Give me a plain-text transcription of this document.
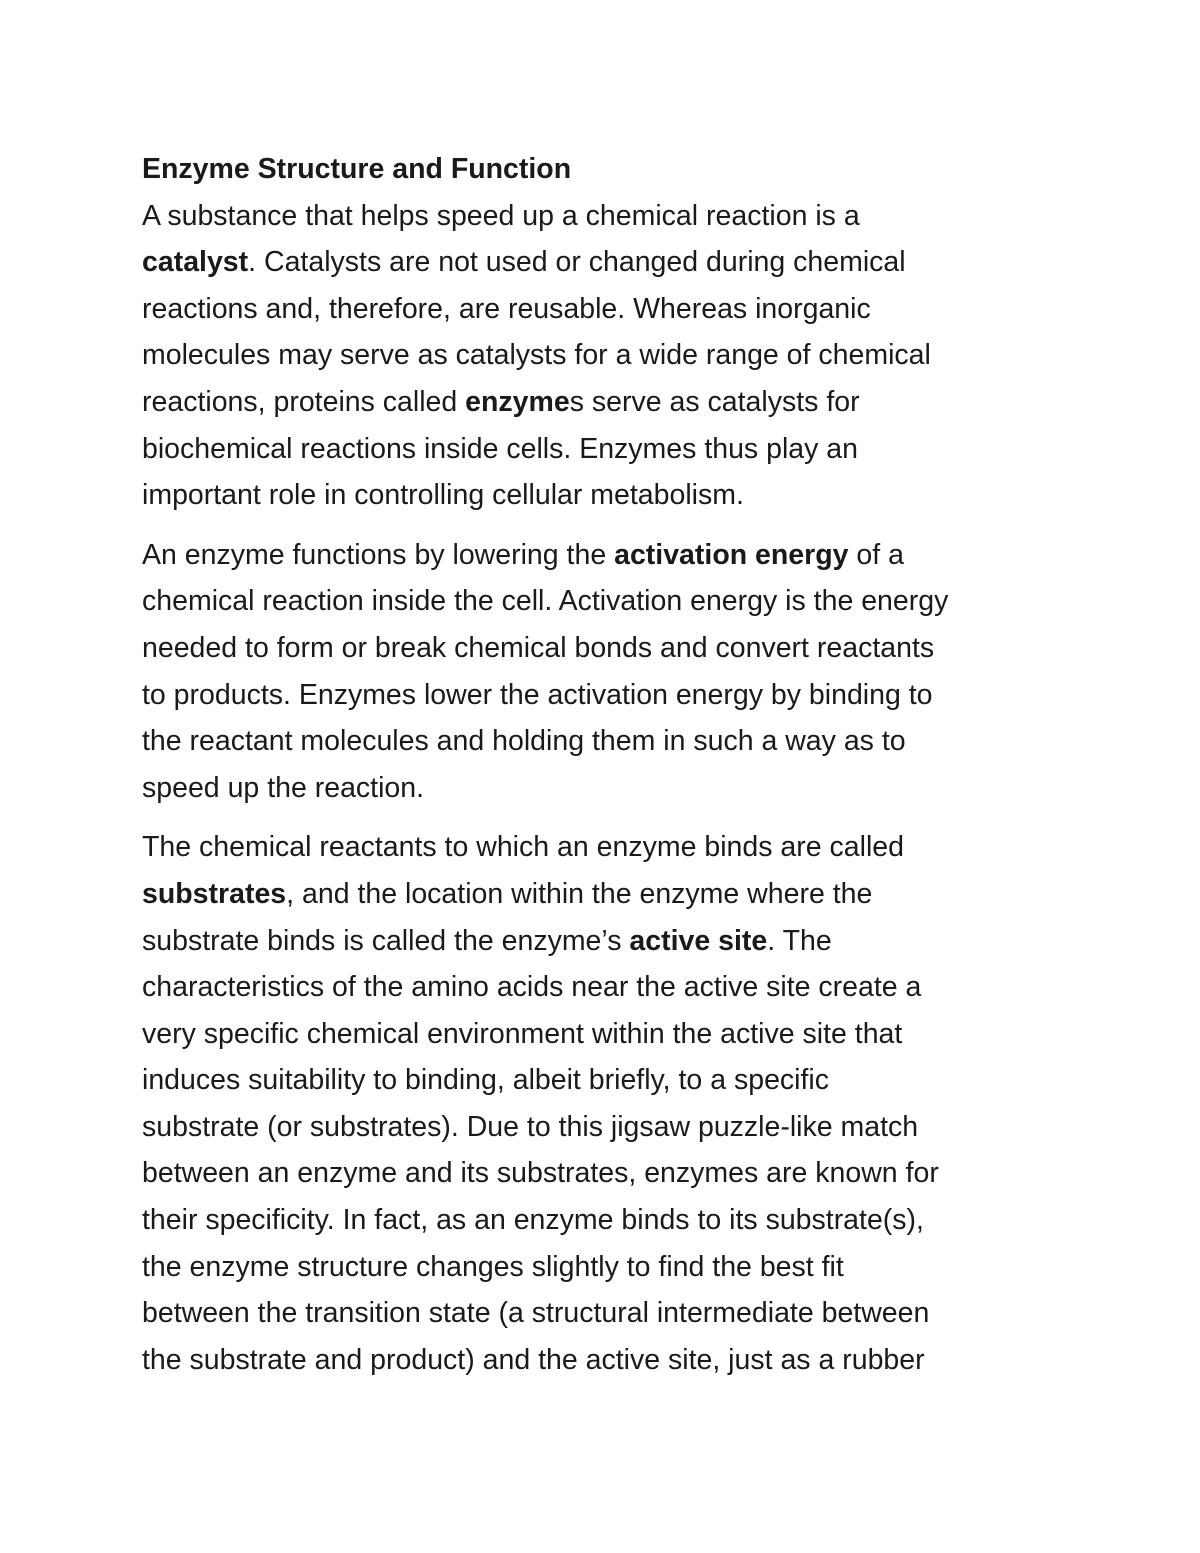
Enzyme Structure and Function
A substance that helps speed up a chemical reaction is a
catalyst. Catalysts are not used or changed during chemical
reactions and, therefore, are reusable. Whereas inorganic
molecules may serve as catalysts for a wide range of chemical
reactions, proteins called enzymes serve as catalysts for
biochemical reactions inside cells. Enzymes thus play an
important role in controlling cellular metabolism.
An enzyme functions by lowering the activation energy of a
chemical reaction inside the cell. Activation energy is the energy
needed to form or break chemical bonds and convert reactants
to products. Enzymes lower the activation energy by binding to
the reactant molecules and holding them in such a way as to
speed up the reaction.
The chemical reactants to which an enzyme binds are called
substrates, and the location within the enzyme where the
substrate binds is called the enzyme’s active site. The
characteristics of the amino acids near the active site create a
very specific chemical environment within the active site that
induces suitability to binding, albeit briefly, to a specific
substrate (or substrates). Due to this jigsaw puzzle-like match
between an enzyme and its substrates, enzymes are known for
their specificity. In fact, as an enzyme binds to its substrate(s),
the enzyme structure changes slightly to find the best fit
between the transition state (a structural intermediate between
the substrate and product) and the active site, just as a rubber
